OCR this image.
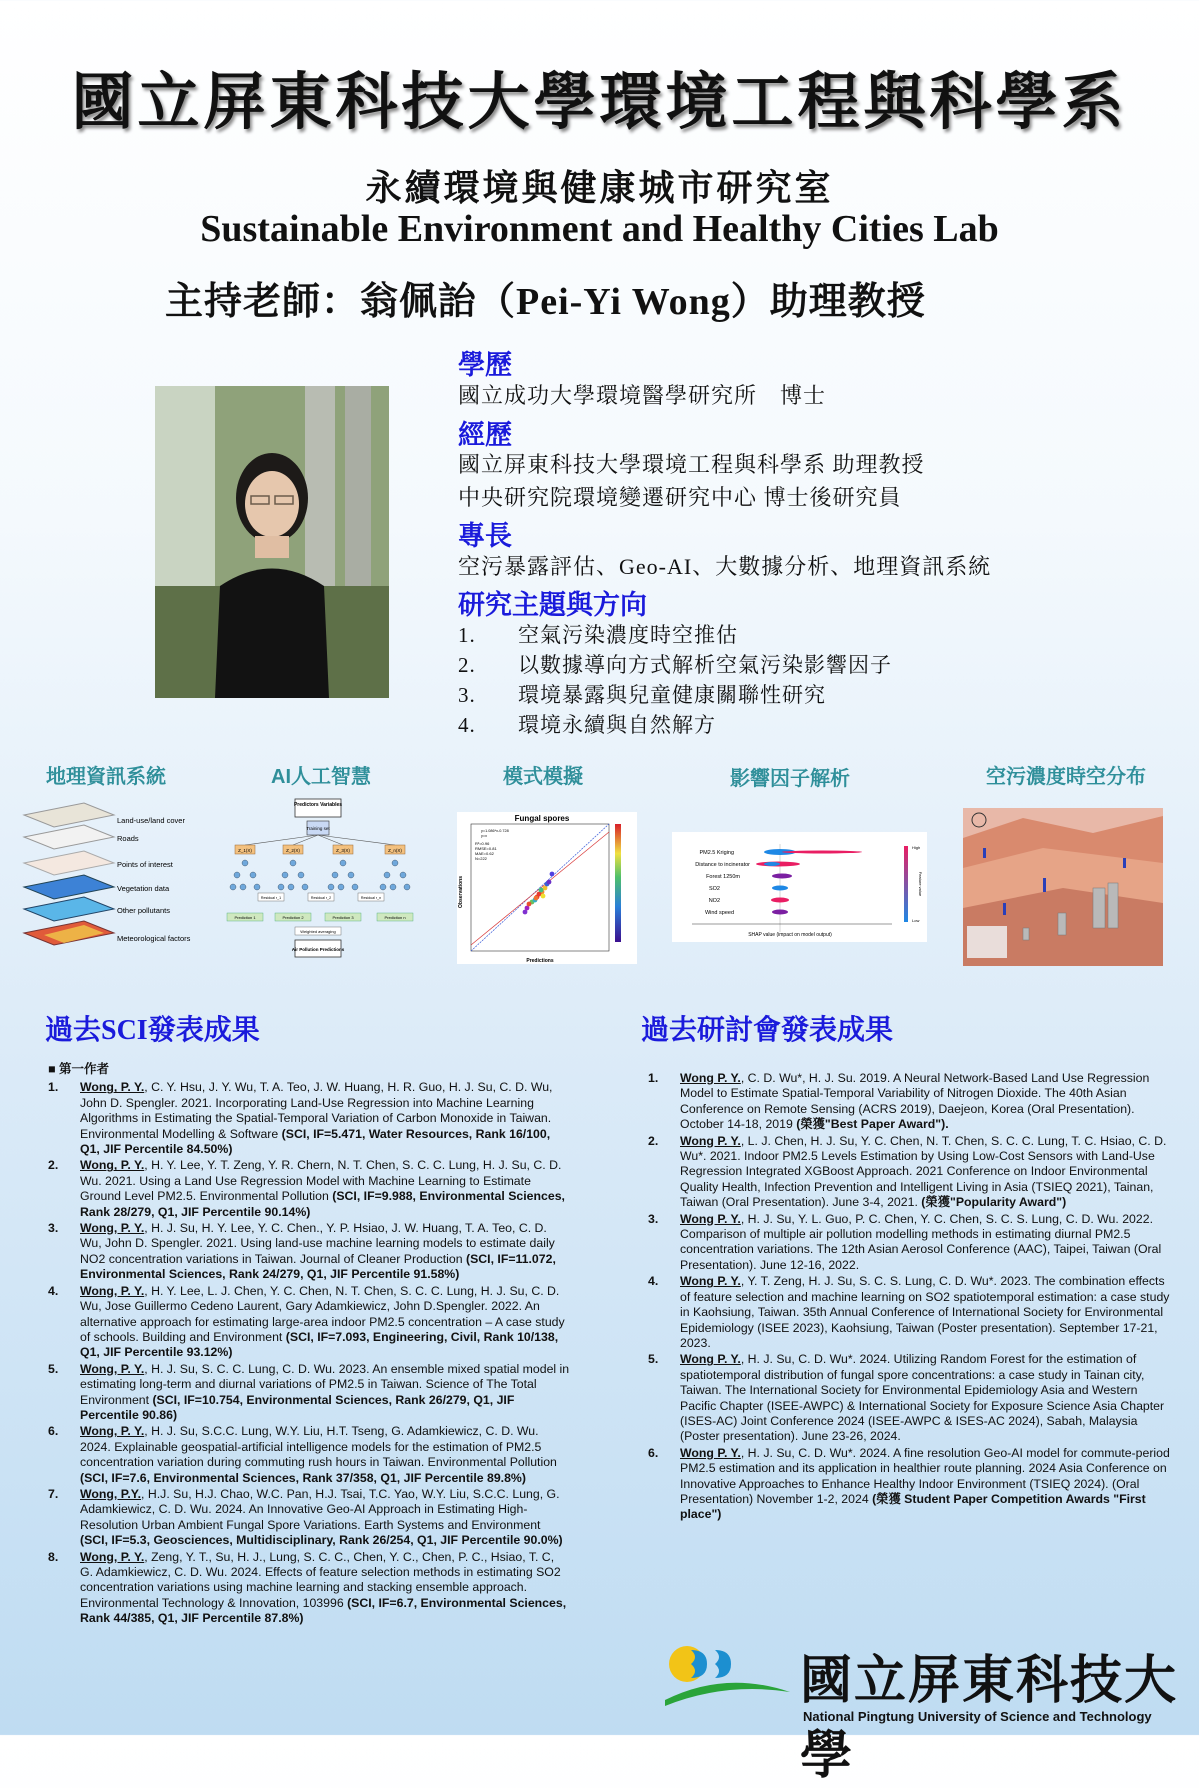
國立屏東科技大學環境工程與科學系
永續環境與健康城市研究室
Sustainable Environment and Healthy Cities Lab
主持老師：翁佩詒（Pei-Yi Wong）助理教授
學歷
國立成功大學環境醫學研究所　博士
經歷
國立屏東科技大學環境工程與科學系 助理教授
中央研究院環境變遷研究中心 博士後研究員
專長
空污暴露評估、Geo-AI、大數據分析、地理資訊系統
研究主題與方向
1. 空氣污染濃度時空推估
2. 以數據導向方式解析空氣污染影響因子
3. 環境暴露與兒童健康關聯性研究
4. 環境永續與自然解方
地理資訊系統	AI人工智慧	模式模擬	影響因子解析	空污濃度時空分布
Land-use/land cover
Roads
Points of interest
Vegetation data
Other pollutants
Meteorological factors
Predictors Variables
Training set
Z_1(X)	Z_2(X)	Z_3(X)	Z_n(X)
Residual r_1	Residual r_2	Residual r_n
Prediction 1	Prediction 2	Prediction 3	Prediction n
Weighted averaging
Air Pollution Predictions
Fungal spores
y=1.086*x-0.728
y=x
R²=0.96
RMSE=0.81
MAE=0.62
N=222
Predictions
Observations
PM2.5 Kriging
Distance to incinerator
Forest 1250m
SO2
NO2
Wind speed
SHAP value (impact on model output)
High
Low
Feature value
過去SCI發表成果
■ 第一作者
1. Wong, P. Y., C. Y. Hsu, J. Y. Wu, T. A. Teo, J. W. Huang, H. R. Guo, H. J. Su, C. D. Wu, John D. Spengler. 2021. Incorporating Land-Use Regression into Machine Learning Algorithms in Estimating the Spatial-Temporal Variation of Carbon Monoxide in Taiwan. Environmental Modelling & Software (SCI, IF=5.471, Water Resources, Rank 16/100, Q1, JIF Percentile 84.50%)
2. Wong, P. Y., H. Y. Lee, Y. T. Zeng, Y. R. Chern, N. T. Chen, S. C. C. Lung, H. J. Su, C. D. Wu. 2021. Using a Land Use Regression Model with Machine Learning to Estimate Ground Level PM2.5. Environmental Pollution (SCI, IF=9.988, Environmental Sciences, Rank 28/279, Q1, JIF Percentile 90.14%)
3. Wong, P. Y., H. J. Su, H. Y. Lee, Y. C. Chen., Y. P. Hsiao, J. W. Huang, T. A. Teo, C. D. Wu, John D. Spengler. 2021. Using land-use machine learning models to estimate daily NO2 concentration variations in Taiwan. Journal of Cleaner Production (SCI, IF=11.072, Environmental Sciences, Rank 24/279, Q1, JIF Percentile 91.58%)
4. Wong, P. Y., H. Y. Lee, L. J. Chen, Y. C. Chen, N. T. Chen, S. C. C. Lung, H. J. Su, C. D. Wu, Jose Guillermo Cedeno Laurent, Gary Adamkiewicz, John D.Spengler. 2022. An alternative approach for estimating large-area indoor PM2.5 concentration – A case study of schools. Building and Environment (SCI, IF=7.093, Engineering, Civil, Rank 10/138, Q1, JIF Percentile 93.12%)
5. Wong, P. Y., H. J. Su, S. C. C. Lung, C. D. Wu. 2023. An ensemble mixed spatial model in estimating long-term and diurnal variations of PM2.5 in Taiwan. Science of The Total Environment (SCI, IF=10.754, Environmental Sciences, Rank 26/279, Q1, JIF Percentile 90.86)
6. Wong, P. Y., H. J. Su, S.C.C. Lung, W.Y. Liu, H.T. Tseng, G. Adamkiewicz, C. D. Wu. 2024. Explainable geospatial-artificial intelligence models for the estimation of PM2.5 concentration variation during commuting rush hours in Taiwan. Environmental Pollution (SCI, IF=7.6, Environmental Sciences, Rank 37/358, Q1, JIF Percentile 89.8%)
7. Wong, P.Y., H.J. Su, H.J. Chao, W.C. Pan, H.J. Tsai, T.C. Yao, W.Y. Liu, S.C.C. Lung, G. Adamkiewicz, C. D. Wu. 2024. An Innovative Geo-AI Approach in Estimating High-Resolution Urban Ambient Fungal Spore Variations. Earth Systems and Environment (SCI, IF=5.3, Geosciences, Multidisciplinary, Rank 26/254, Q1, JIF Percentile 90.0%)
8. Wong, P. Y., Zeng, Y. T., Su, H. J., Lung, S. C. C., Chen, Y. C., Chen, P. C., Hsiao, T. C, G. Adamkiewicz, C. D. Wu. 2024. Effects of feature selection methods in estimating SO2 concentration variations using machine learning and stacking ensemble approach. Environmental Technology & Innovation, 103996 (SCI, IF=6.7, Environmental Sciences, Rank 44/385, Q1, JIF Percentile 87.8%)
過去研討會發表成果
1. Wong P. Y., C. D. Wu*, H. J. Su. 2019. A Neural Network-Based Land Use Regression Model to Estimate Spatial-Temporal Variability of Nitrogen Dioxide. The 40th Asian Conference on Remote Sensing (ACRS 2019), Daejeon, Korea (Oral Presentation). October 14-18, 2019 (榮獲"Best Paper Award").
2. Wong P. Y., L. J. Chen, H. J. Su, Y. C. Chen, N. T. Chen, S. C. C. Lung, T. C. Hsiao, C. D. Wu*. 2021. Indoor PM2.5 Levels Estimation by Using Low-Cost Sensors with Land-Use Regression Integrated XGBoost Approach. 2021 Conference on Indoor Environmental Quality Health, Infection Prevention and Intelligent Living in Asia (TSIEQ 2021), Tainan, Taiwan (Oral Presentation). June 3-4, 2021. (榮獲"Popularity Award")
3. Wong P. Y., H. J. Su, Y. L. Guo, P. C. Chen, Y. C. Chen, S. C. S. Lung, C. D. Wu. 2022. Comparison of multiple air pollution modelling methods in estimating diurnal PM2.5 concentration variations. The 12th Asian Aerosol Conference (AAC), Taipei, Taiwan (Oral Presentation). June 12-16, 2022.
4. Wong P. Y., Y. T. Zeng, H. J. Su, S. C. S. Lung, C. D. Wu*. 2023. The combination effects of feature selection and machine learning on SO2 spatiotemporal estimation: a case study in Kaohsiung, Taiwan. 35th Annual Conference of International Society for Environmental Epidemiology (ISEE 2023), Kaohsiung, Taiwan (Poster presentation). September 17-21, 2023.
5. Wong P. Y., H. J. Su, C. D. Wu*. 2024. Utilizing Random Forest for the estimation of spatiotemporal distribution of fungal spore concentrations: a case study in Tainan city, Taiwan. The International Society for Environmental Epidemiology Asia and Western Pacific Chapter (ISEE-AWPC) & International Society for Exposure Science Asia Chapter (ISES-AC) Joint Conference 2024 (ISEE-AWPC & ISES-AC 2024), Sabah, Malaysia (Poster presentation). June 23-26, 2024.
6. Wong P. Y., H. J. Su, C. D. Wu*. 2024. A fine resolution Geo-AI model for commute-period PM2.5 estimation and its application in healthier route planning. 2024 Asia Conference on Innovative Approaches to Enhance Healthy Indoor Environment (TSIEQ 2024). (Oral Presentation) November 1-2, 2024 (榮獲 Student Paper Competition Awards "First place")
國立屏東科技大學
National Pingtung University of Science and Technology
